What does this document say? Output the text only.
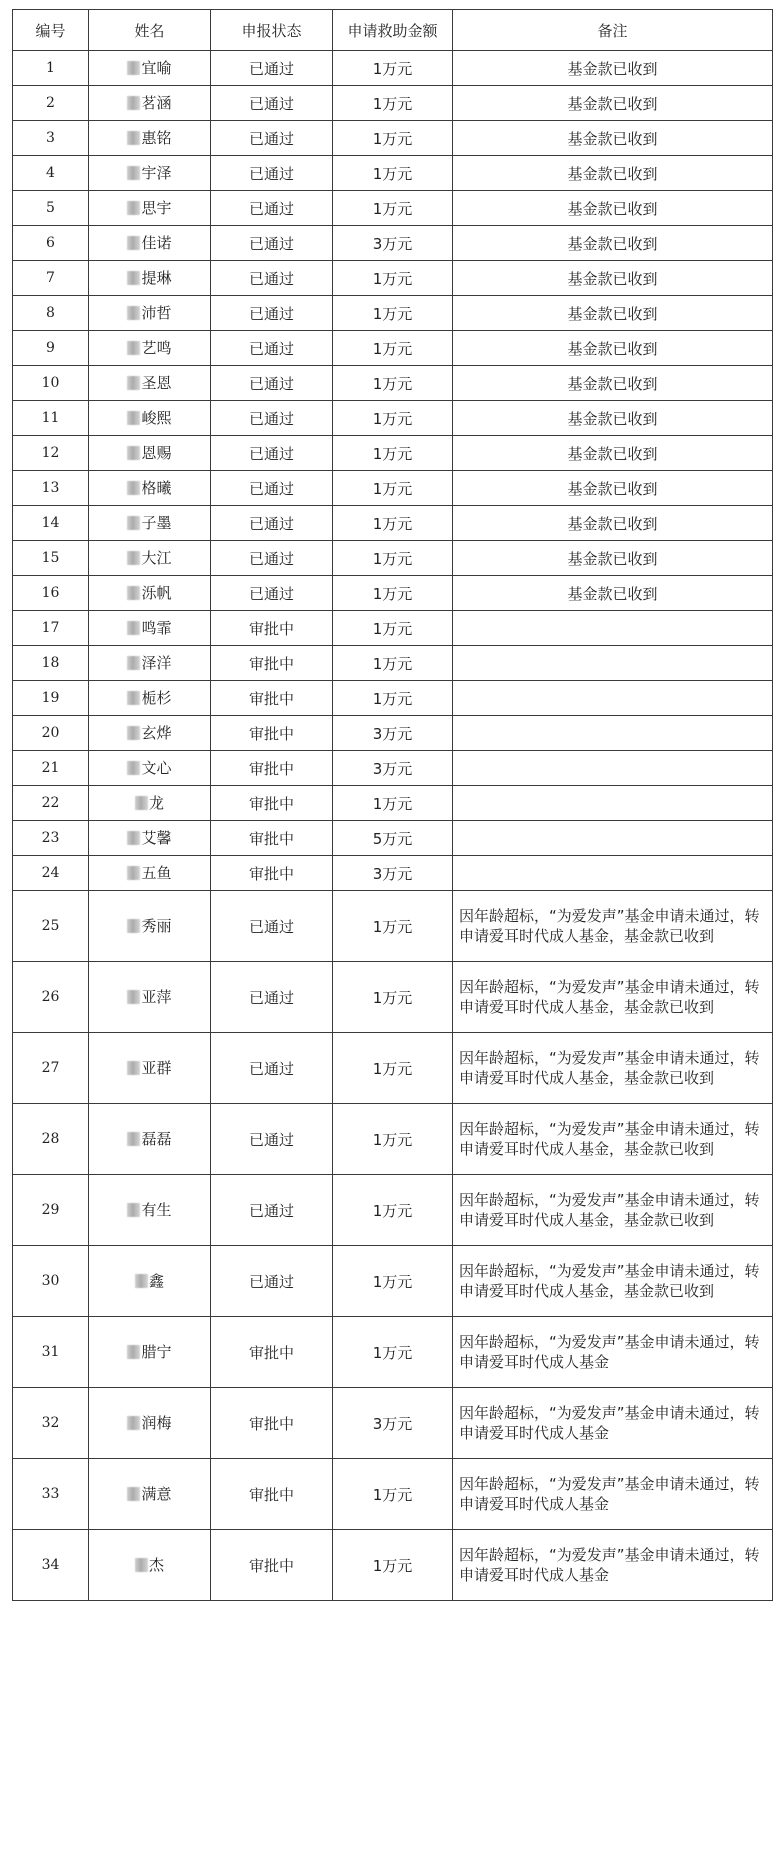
编号	姓名	申报状态	申请救助金额	备注
1	宜喻	已通过	1万元	基金款已收到
2	茗涵	已通过	1万元	基金款已收到
3	惠铭	已通过	1万元	基金款已收到
4	宇泽	已通过	1万元	基金款已收到
5	思宇	已通过	1万元	基金款已收到
6	佳诺	已通过	3万元	基金款已收到
7	提琳	已通过	1万元	基金款已收到
8	沛哲	已通过	1万元	基金款已收到
9	艺鸣	已通过	1万元	基金款已收到
10	圣恩	已通过	1万元	基金款已收到
11	峻熙	已通过	1万元	基金款已收到
12	恩赐	已通过	1万元	基金款已收到
13	格曦	已通过	1万元	基金款已收到
14	子墨	已通过	1万元	基金款已收到
15	大江	已通过	1万元	基金款已收到
16	泺帆	已通过	1万元	基金款已收到
17	鸣霏	审批中	1万元	
18	泽洋	审批中	1万元	
19	栀杉	审批中	1万元	
20	玄烨	审批中	3万元	
21	文心	审批中	3万元	
22	龙	审批中	1万元	
23	艾馨	审批中	5万元	
24	五鱼	审批中	3万元	
25	秀丽	已通过	1万元	因年龄超标，“为爱发声”基金申请未通过，转申请爱耳时代成人基金，基金款已收到
26	亚萍	已通过	1万元	因年龄超标，“为爱发声”基金申请未通过，转申请爱耳时代成人基金，基金款已收到
27	亚群	已通过	1万元	因年龄超标，“为爱发声”基金申请未通过，转申请爱耳时代成人基金，基金款已收到
28	磊磊	已通过	1万元	因年龄超标，“为爱发声”基金申请未通过，转申请爱耳时代成人基金，基金款已收到
29	有生	已通过	1万元	因年龄超标，“为爱发声”基金申请未通过，转申请爱耳时代成人基金，基金款已收到
30	鑫	已通过	1万元	因年龄超标，“为爱发声”基金申请未通过，转申请爱耳时代成人基金，基金款已收到
31	腊宁	审批中	1万元	因年龄超标，“为爱发声”基金申请未通过，转申请爱耳时代成人基金
32	润梅	审批中	3万元	因年龄超标，“为爱发声”基金申请未通过，转申请爱耳时代成人基金
33	满意	审批中	1万元	因年龄超标，“为爱发声”基金申请未通过，转申请爱耳时代成人基金
34	杰	审批中	1万元	因年龄超标，“为爱发声”基金申请未通过，转申请爱耳时代成人基金
